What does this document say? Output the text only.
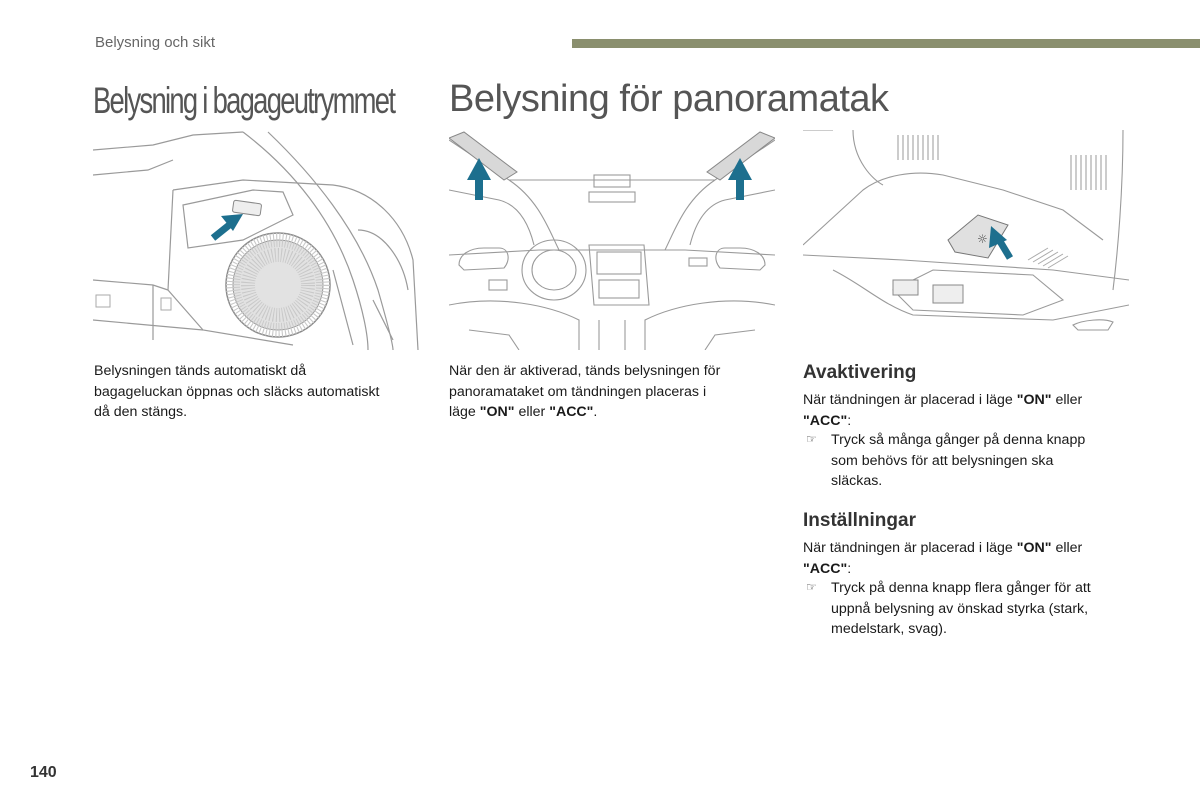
Belysning och sikt
Belysning i bagageutrymmet Belysning för panoramatak
☼
Belysningen tänds automatiskt då
bagageluckan öppnas och släcks automatiskt
då den stängs.
När den är aktiverad, tänds belysningen för
panoramataket om tändningen placeras i
läge "ON" eller "ACC".
Avaktivering
När tändningen är placerad i läge "ON" eller
"ACC":
☞ Tryck så många gånger på denna knapp
som behövs för att belysningen ska
släckas.
Inställningar
När tändningen är placerad i läge "ON" eller
"ACC":
☞ Tryck på denna knapp flera gånger för att
uppnå belysning av önskad styrka (stark,
medelstark, svag).
140
